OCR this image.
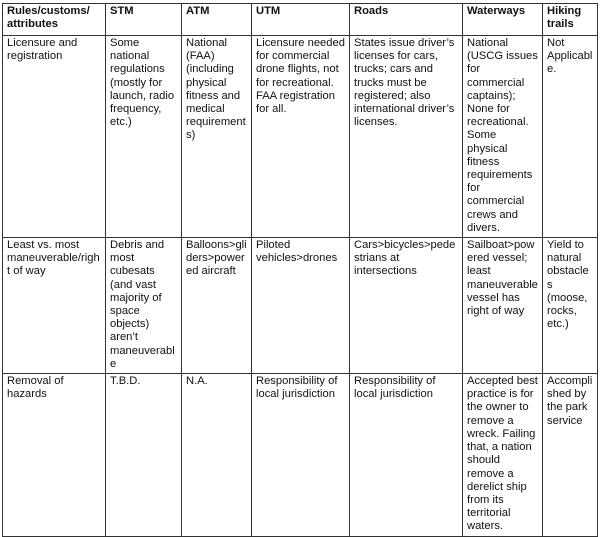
Rules/customs/
attributes	STM	ATM	UTM	Roads	Waterways	Hiking trails
Licensure and registration	Some national regulations (mostly for launch, radio frequency, etc.)	National (FAA) (including physical fitness and medical requirements)	Licensure needed for commercial drone flights, not for recreational. FAA registration for all.	States issue driver’s licenses for cars, trucks; cars and trucks must be registered; also international driver’s licenses.	National (USCG issues for commercial captains); None for recreational. Some physical fitness requirements for commercial crews and divers.	Not Applicable.
Least vs. most maneuverable/right of way	Debris and most cubesats (and vast majority of space objects) aren’t maneuverable	Balloons>gliders>powered aircraft	Piloted vehicles>drones	Cars>bicycles>pedestrians at intersections	Sailboat>powered vessel; least maneuverable vessel has right of way	Yield to natural obstacles (moose, rocks, etc.)
Removal of hazards	T.B.D.	N.A.	Responsibility of local jurisdiction	Responsibility of local jurisdiction	Accepted best practice is for the owner to remove a wreck. Failing that, a nation should remove a derelict ship from its territorial waters.	Accomplished by the park service
